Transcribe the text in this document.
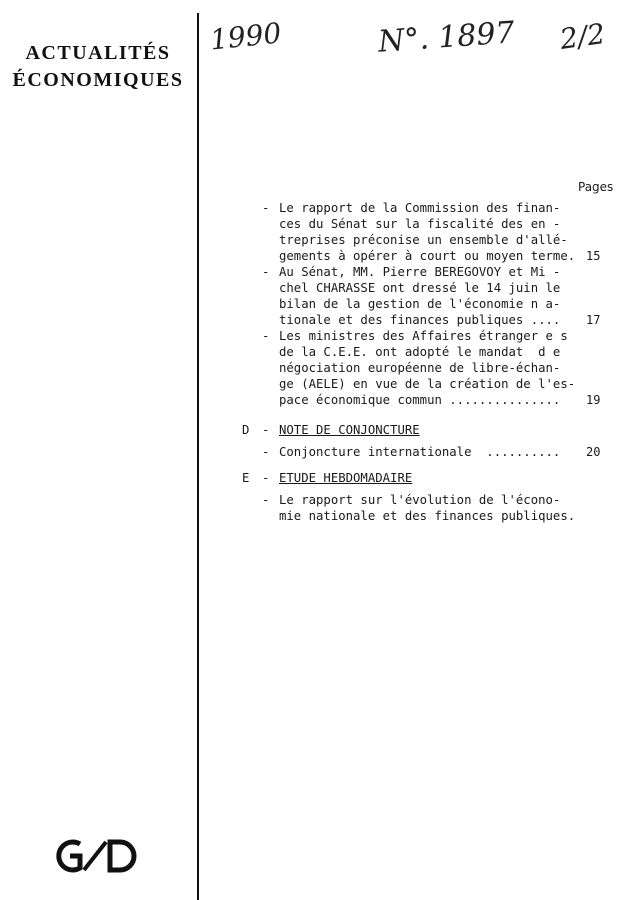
ACTUALITÉS
ÉCONOMIQUES
1990	N°. 1897 2/2
Pages
- Le rapport de la Commission des finan-
ces du Sénat sur la fiscalité des en -
treprises préconise un ensemble d'allé-
gements à opérer à court ou moyen terme. 15
- Au Sénat, MM. Pierre BEREGOVOY et Mi -
chel CHARASSE ont dressé le 14 juin le
bilan de la gestion de l'économie n a-
tionale et des finances publiques .... 17
- Les ministres des Affaires étranger e s
de la C.E.E. ont adopté le mandat  d e
négociation européenne de libre-échan-
ge (AELE) en vue de la création de l'es-
pace économique commun ............... 19
D - NOTE DE CONJONCTURE
- Conjoncture internationale  .......... 20
E - ETUDE HEBDOMADAIRE
- Le rapport sur l'évolution de l'écono-
mie nationale et des finances publiques.
